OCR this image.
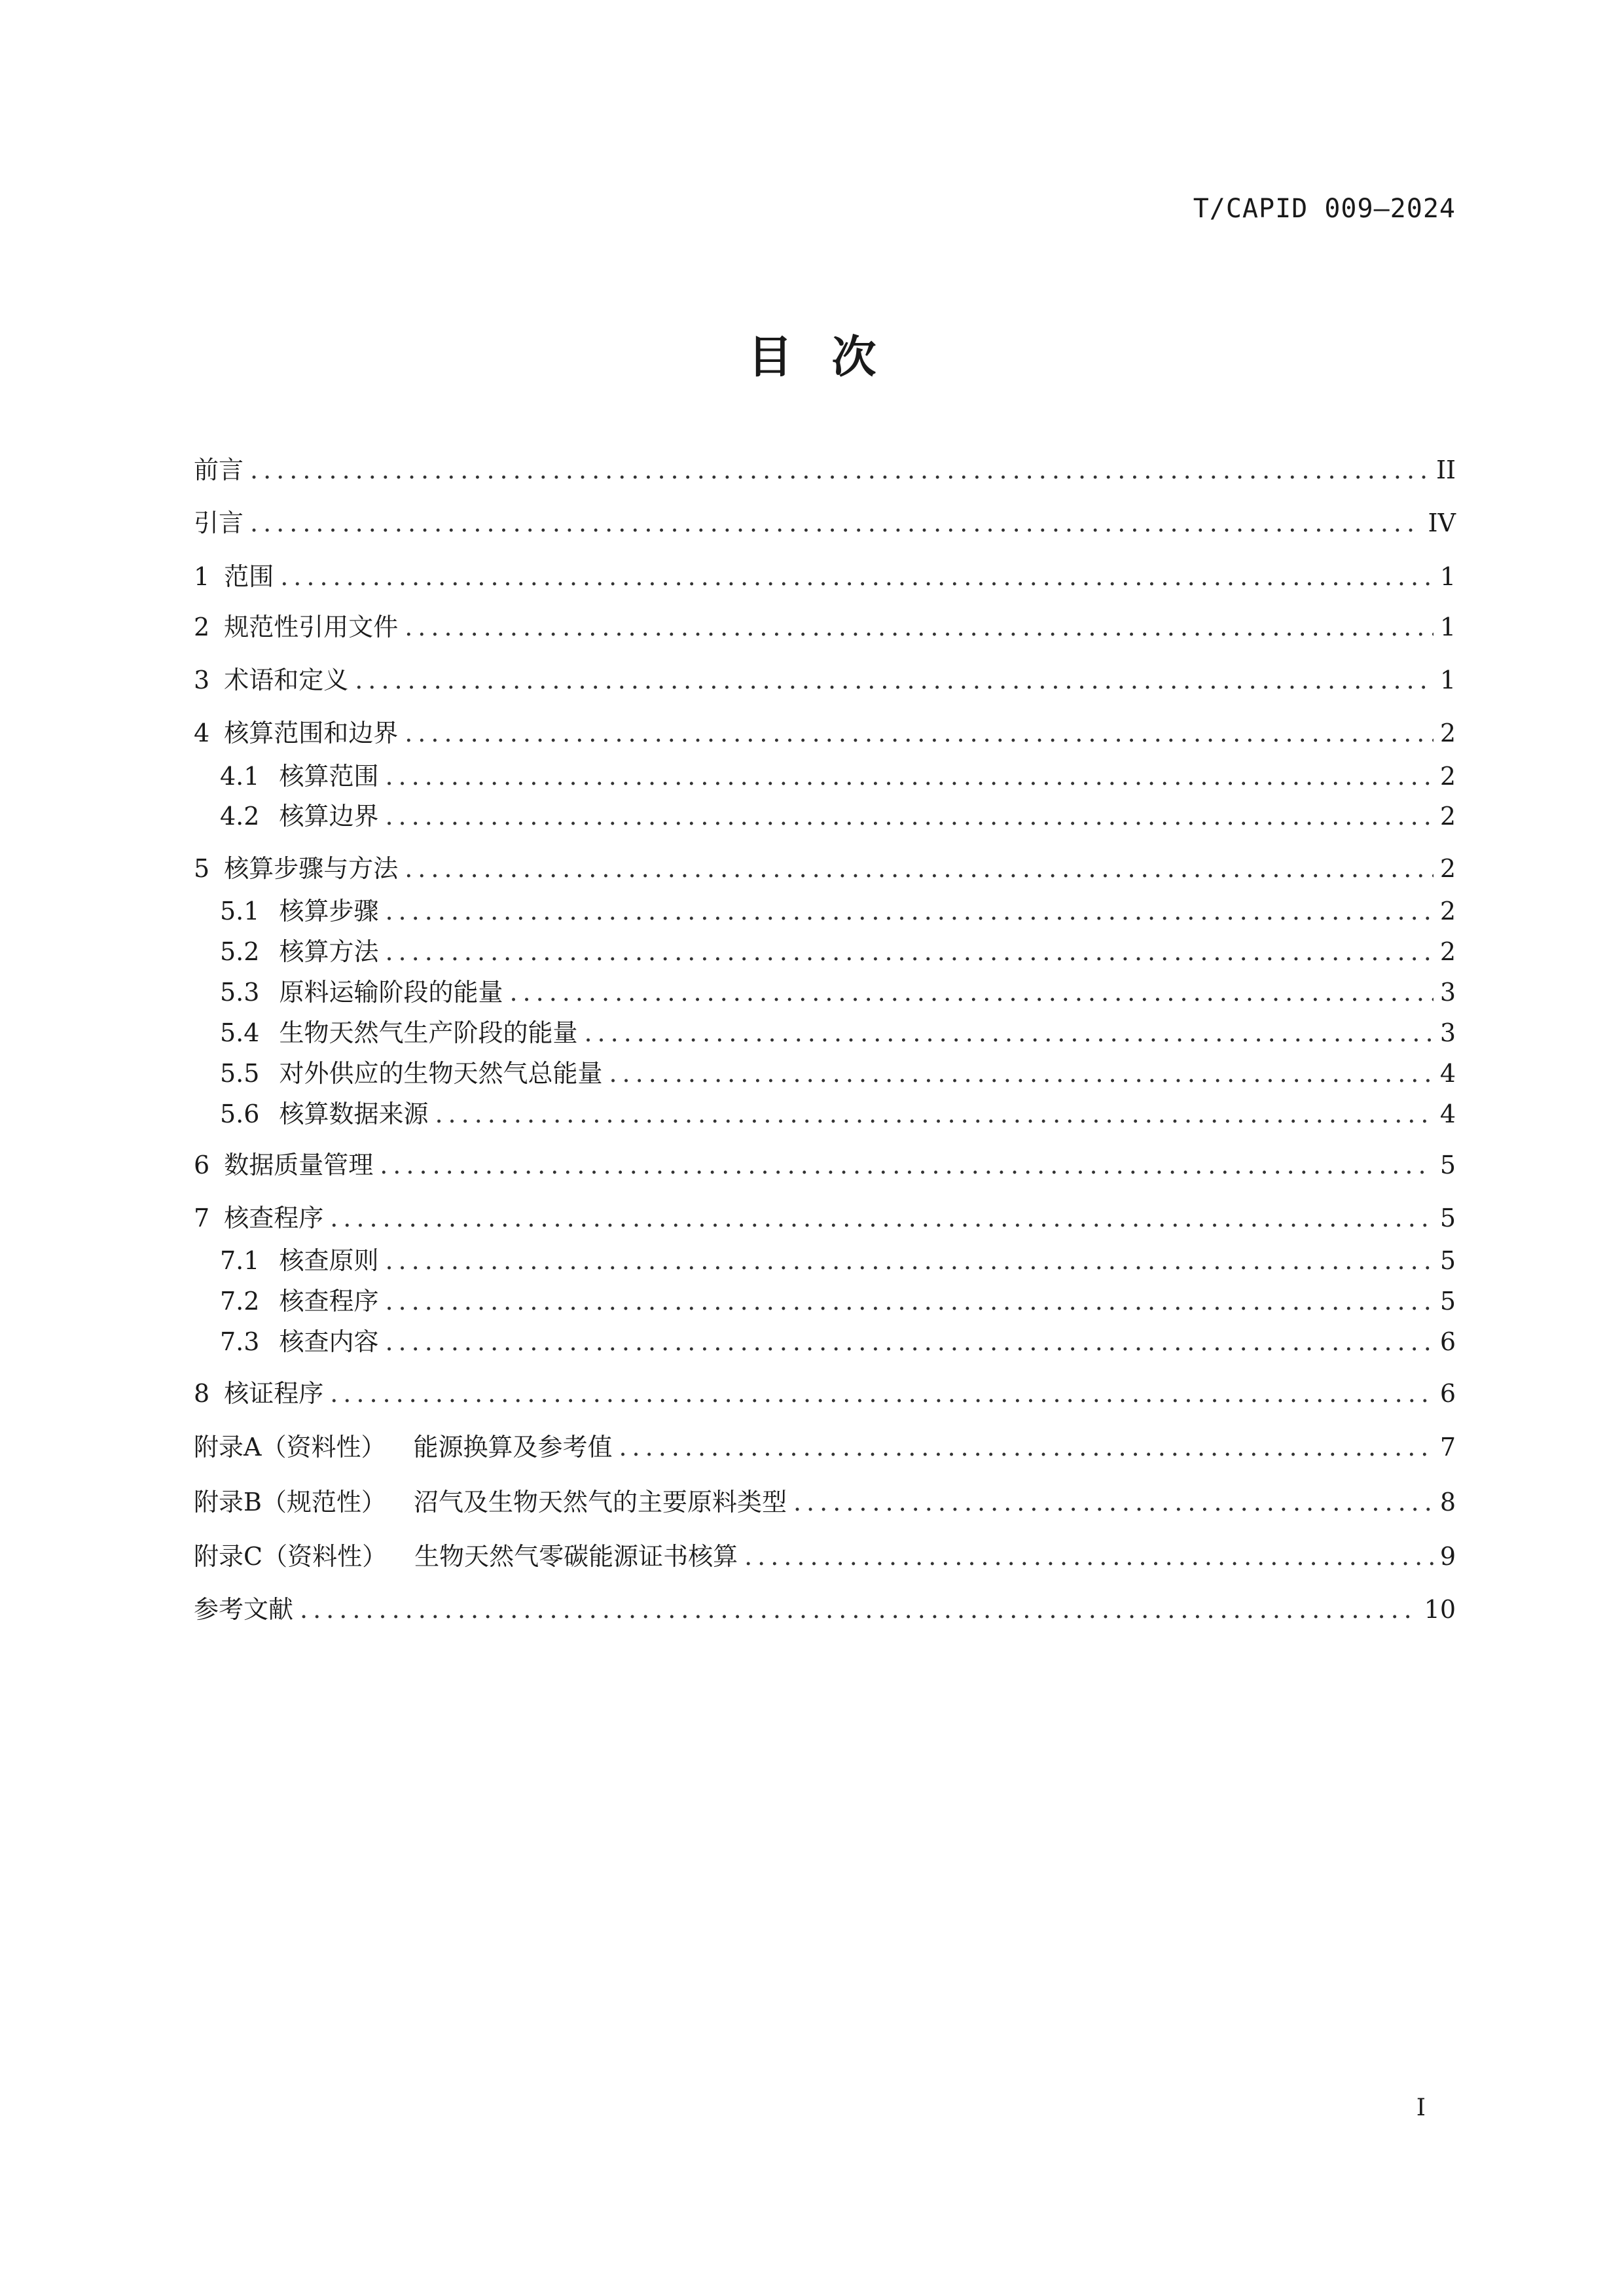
T/CAPID 009—2024
目次
前言 .....	II
引言 .....	IV
1 范围 .....	1
2 规范性引用文件 .....	1
3 术语和定义 .....	1
4 核算范围和边界 .....	2
4.1 核算范围 .....	2
4.2 核算边界 .....	2
5 核算步骤与方法 .....	2
5.1 核算步骤 .....	2
5.2 核算方法 .....	2
5.3 原料运输阶段的能量 .....	3
5.4 生物天然气生产阶段的能量 .....	3
5.5 对外供应的生物天然气总能量 .....	4
5.6 核算数据来源 .....	4
6 数据质量管理 .....	5
7 核查程序 .....	5
7.1 核查原则 .....	5
7.2 核查程序 .....	5
7.3 核查内容 .....	6
8 核证程序 .....	6
附录A（资料性） 能源换算及参考值 .....	7
附录B（规范性） 沼气及生物天然气的主要原料类型 .....	8
附录C（资料性） 生物天然气零碳能源证书核算 .....	9
参考文献 .....	10
I
